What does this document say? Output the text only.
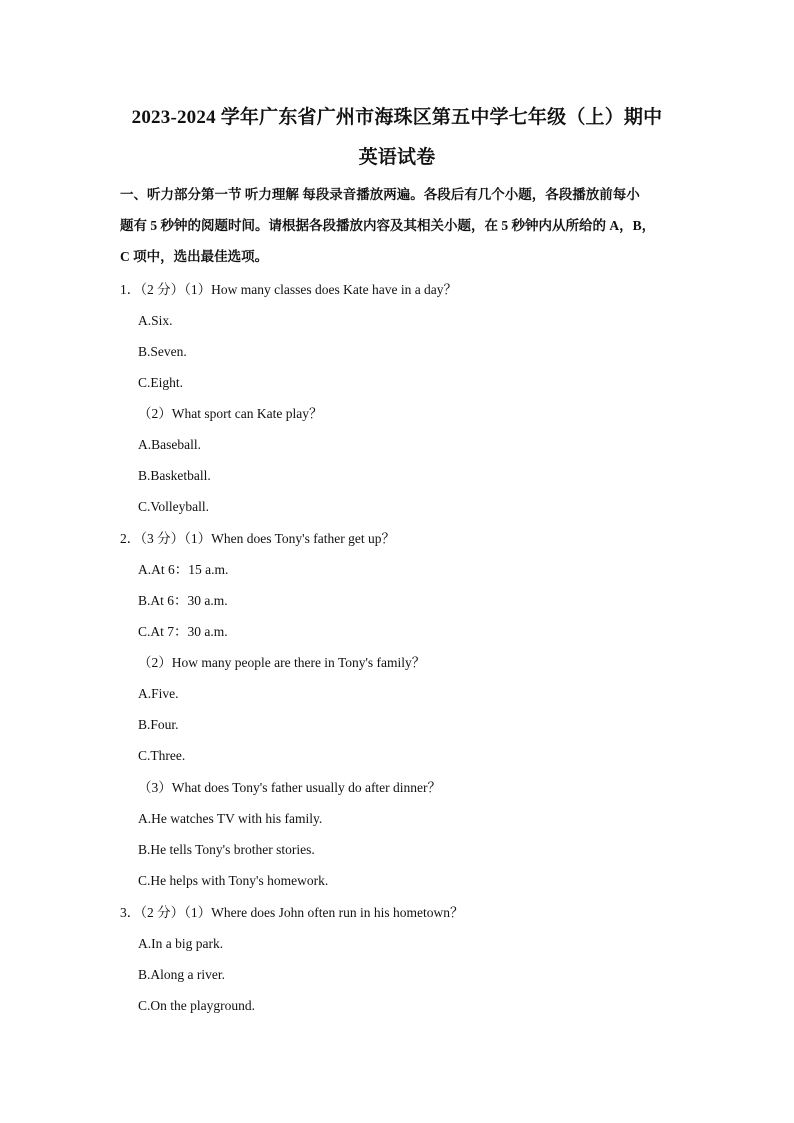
2023-2024 学年广东省广州市海珠区第五中学七年级（上）期中
英语试卷
一、听力部分第一节 听力理解 每段录音播放两遍。各段后有几个小题，各段播放前每小
题有 5 秒钟的阅题时间。请根据各段播放内容及其相关小题，在 5 秒钟内从所给的 A，B，
C 项中，选出最佳选项。
1．（2 分）（1）How many classes does Kate have in a day？
A.Six.
B.Seven.
C.Eight.
（2）What sport can Kate play？
A.Baseball.
B.Basketball.
C.Volleyball.
2．（3 分）（1）When does Tony's father get up？
A.At 6：15 a.m.
B.At 6：30 a.m.
C.At 7：30 a.m.
（2）How many people are there in Tony's family？
A.Five.
B.Four.
C.Three.
（3）What does Tony's father usually do after dinner？
A.He watches TV with his family.
B.He tells Tony's brother stories.
C.He helps with Tony's homework.
3．（2 分）（1）Where does John often run in his hometown？
A.In a big park.
B.Along a river.
C.On the playground.
